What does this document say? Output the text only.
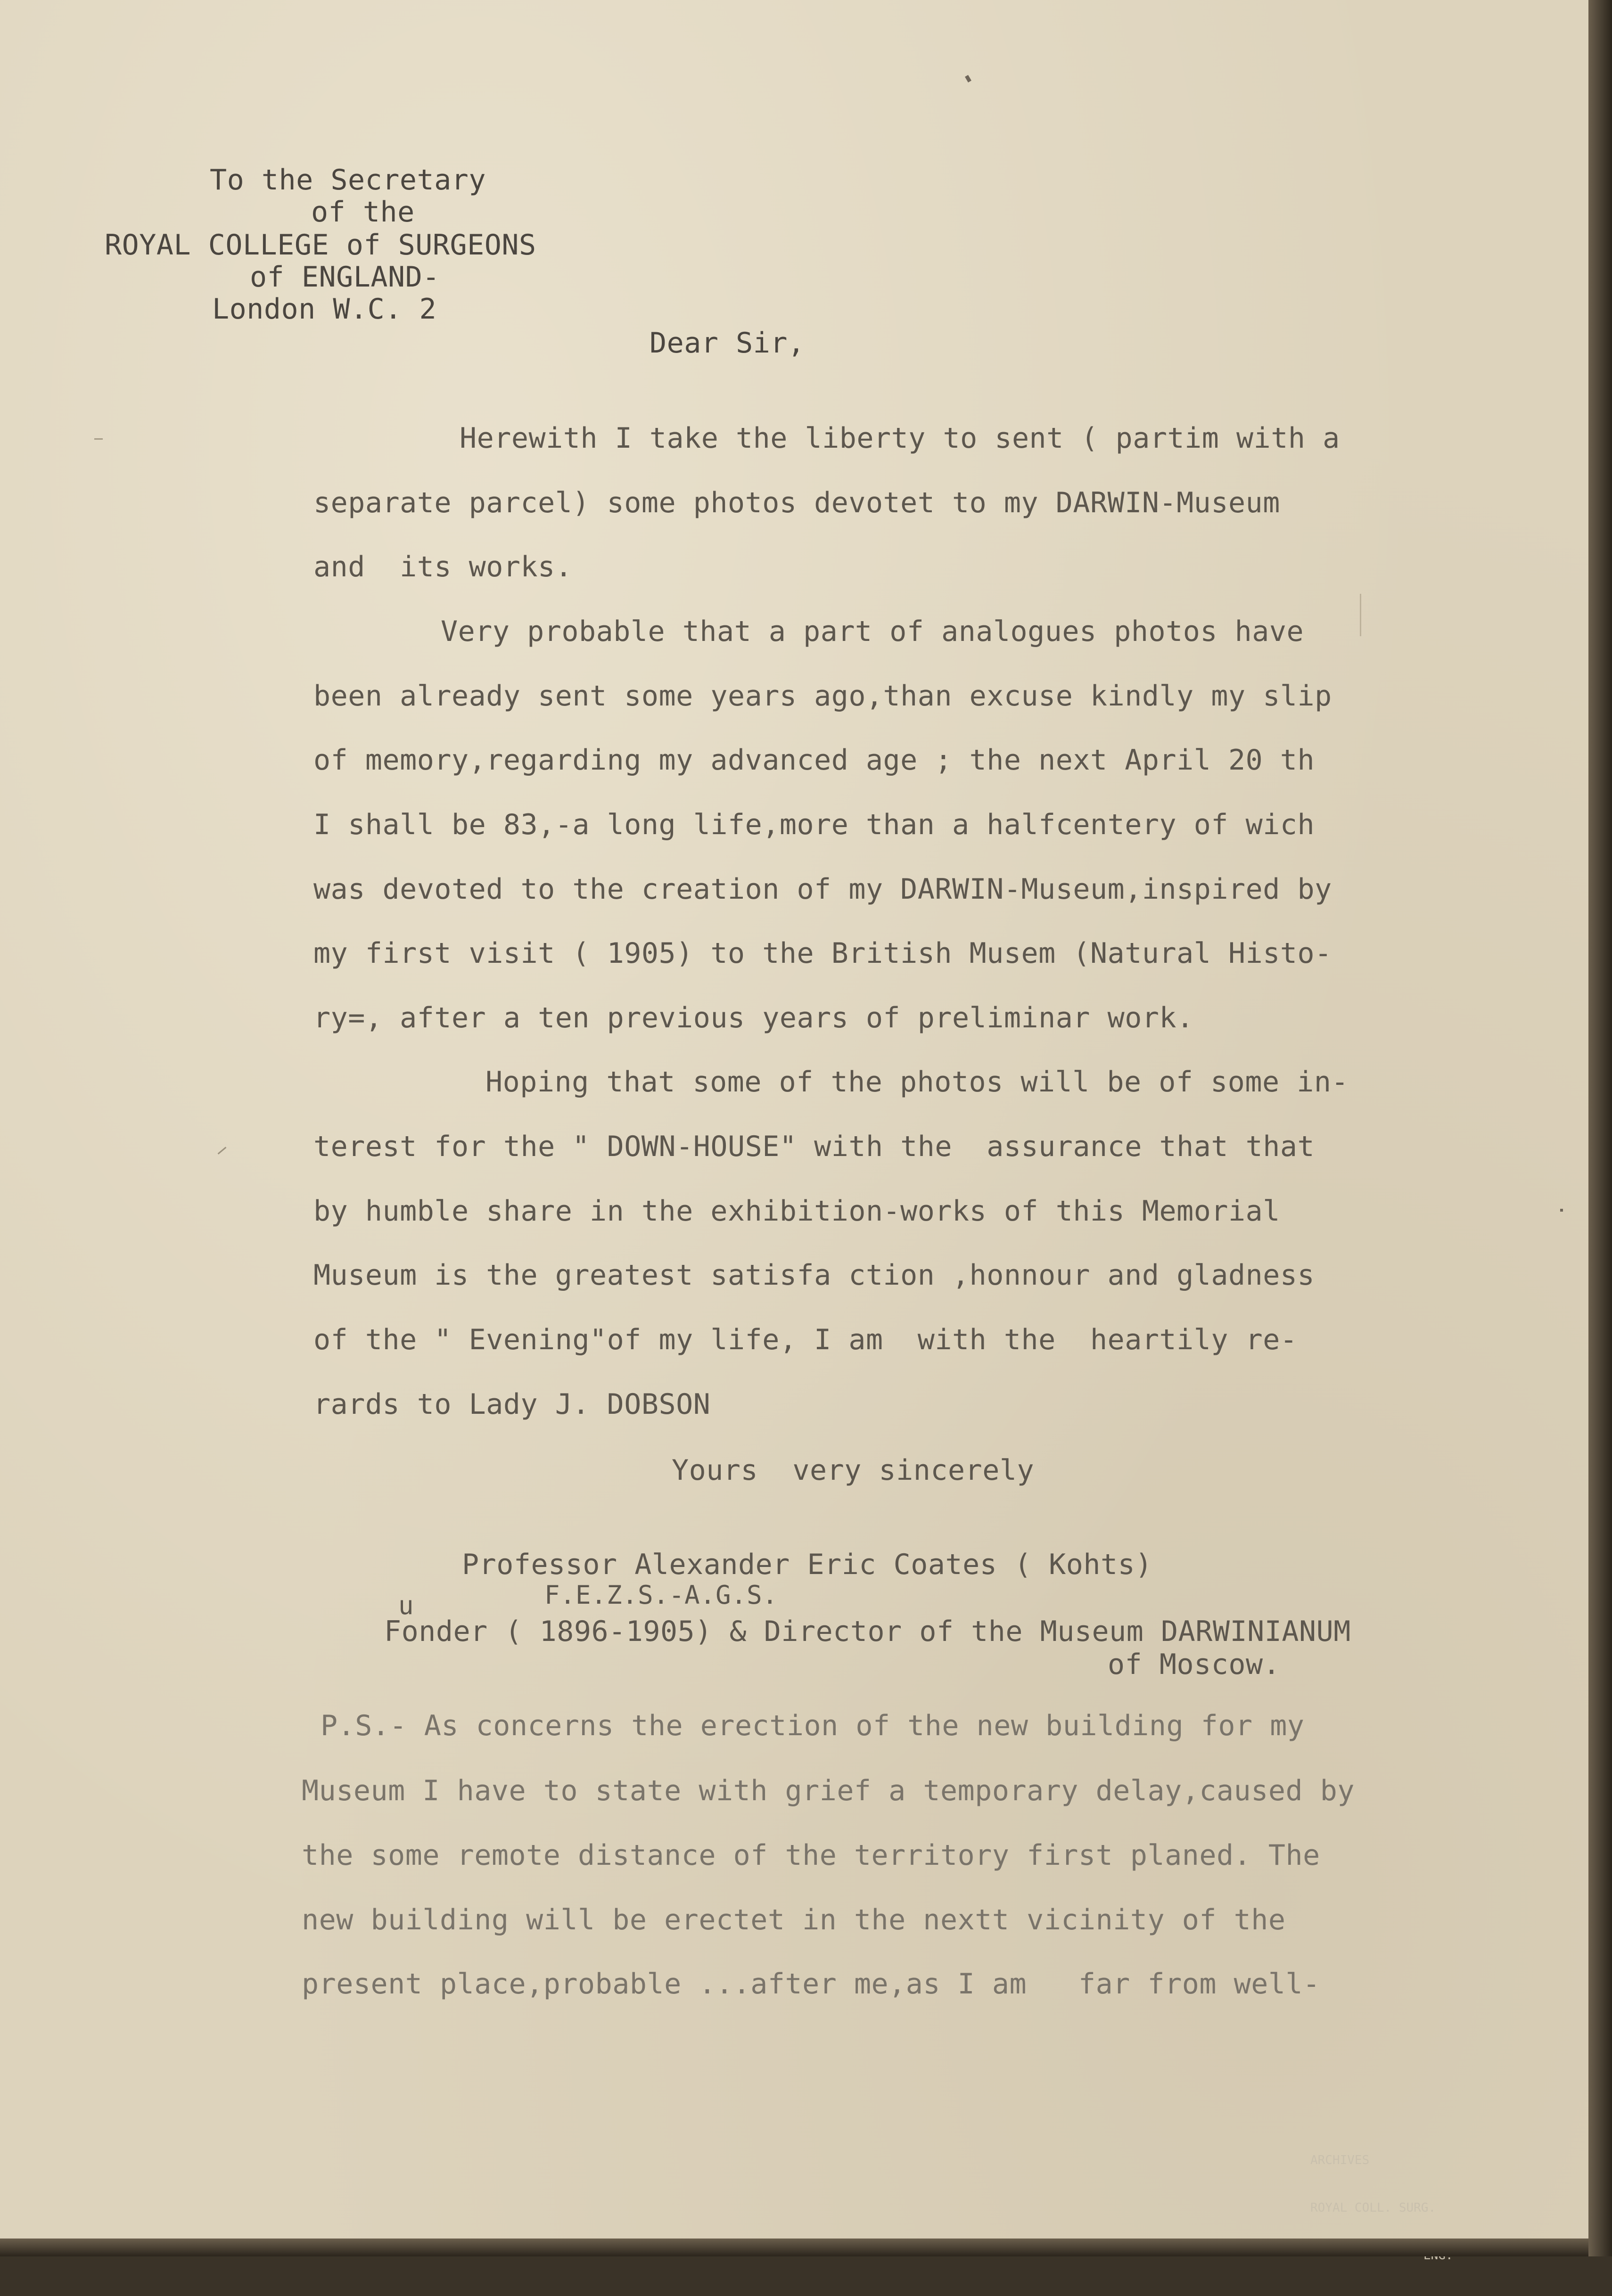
To the Secretary

of the

ROYAL COLLEGE of SURGEONS

of ENGLAND-

London W.C. 2

Dear Sir,

Herewith I take the liberty to sent ( partim with a

separate parcel) some photos devotet to my DARWIN-Museum

and  its works.

Very probable that a part of analogues photos have

been already sent some years ago,than excuse kindly my slip

of memory,regarding my advanced age ; the next April 20 th

I shall be 83,-a long life,more than a halfcentery of wich

was devoted to the creation of my DARWIN-Museum,inspired by

my first visit ( 1905) to the British Musem (Natural Histo-

ry=, after a ten previous years of preliminar work.

Hoping that some of the photos will be of some in-

terest for the " DOWN-HOUSE" with the  assurance that that

by humble share in the exhibition-works of this Memorial

Museum is the greatest satisfa ction ,honnour and gladness

of the " Evening"of my life, I am  with the  heartily re-

rards to Lady J. DOBSON

Yours  very sincerely

Professor Alexander Eric Coates ( Kohts)

F.E.Z.S.-A.G.S.

u

Fonder ( 1896-1905) & Director of the Museum DARWINIANUM

of Moscow.

P.S.- As concerns the erection of the new building for my

Museum I have to state with grief a temporary delay,caused by

the some remote distance of the territory first planed. The

new building will be erectet in the nextt vicinity of the

present place,probable ...after me,as I am   far from well-

ARCHIVES

ROYAL COLL. SURG.
